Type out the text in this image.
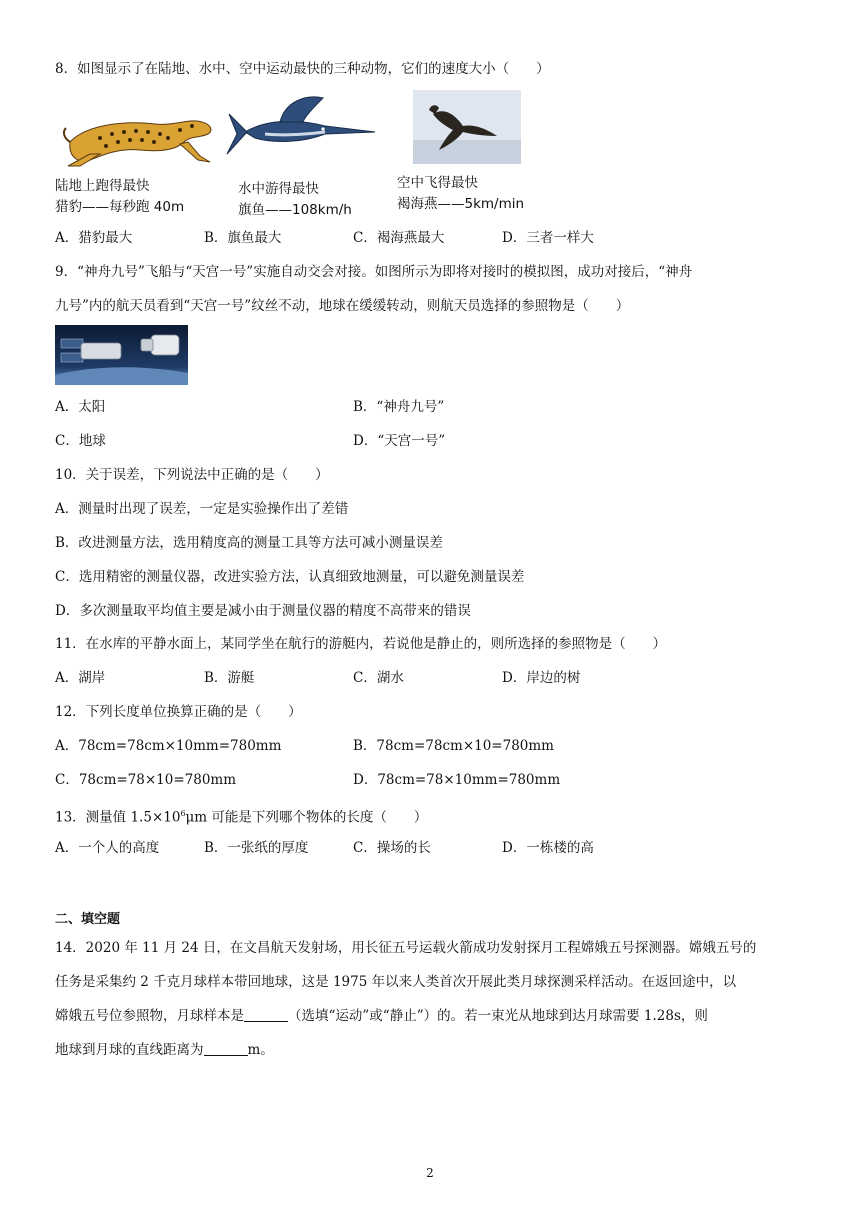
8．如图显示了在陆地、水中、空中运动最快的三种动物，它们的速度大小（　　）
陆地上跑得最快
猎豹——每秒跑 40m
水中游得最快
旗鱼——108km/h
空中飞得最快
褐海燕——5km/min
A．猎豹最大	B．旗鱼最大	C．褐海燕最大	D．三者一样大
9．“神舟九号”飞船与“天宫一号”实施自动交会对接。如图所示为即将对接时的模拟图，成功对接后，“神舟
九号”内的航天员看到“天宫一号”纹丝不动，地球在缓缓转动，则航天员选择的参照物是（　　）
A．太阳	B．“神舟九号”
C．地球	D．“天宫一号”
10．关于误差，下列说法中正确的是（　　）
A．测量时出现了误差，一定是实验操作出了差错
B．改进测量方法，选用精度高的测量工具等方法可减小测量误差
C．选用精密的测量仪器，改进实验方法，认真细致地测量，可以避免测量误差
D．多次测量取平均值主要是减小由于测量仪器的精度不高带来的错误
11．在水库的平静水面上，某同学坐在航行的游艇内，若说他是静止的，则所选择的参照物是（　　）
A．湖岸	B．游艇	C．湖水	D．岸边的树
12．下列长度单位换算正确的是（　　）
A．78cm=78cm×10mm=780mm	B．78cm=78cm×10=780mm
C．78cm=78×10=780mm	D．78cm=78×10mm=780mm
13．测量值 $1.5\times 10^6\mu m$ 可能是下列哪个物体的长度（　　）
A．一个人的高度	B．一张纸的厚度	C．操场的长	D．一栋楼的高
二、填空题
14．2020 年 11 月 24 日，在文昌航天发射场，用长征五号运载火箭成功发射探月工程嫦娥五号探测器。嫦娥五号的
任务是采集约 2 千克月球样本带回地球，这是 1975 年以来人类首次开展此类月球探测采样活动。在返回途中，以
嫦娥五号位参照物，月球样本是	（选填“运动”或“静止”）的。若一束光从地球到达月球需要 1.28s，则
地球到月球的直线距离为	m。
2
